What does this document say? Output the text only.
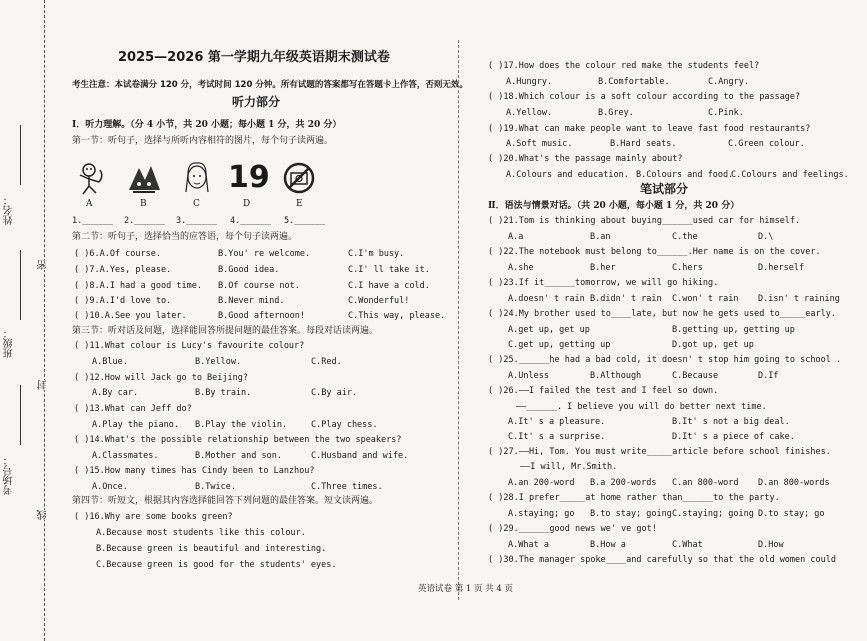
姓名：
班级：
考场号：
密
封
线
2025—2026 第一学期九年级英语期末测试卷
考生注意：本试卷满分 120 分，考试时间 120 分钟。所有试题的答案都写在答题卡上作答，否则无效。
听力部分
Ⅰ．听力理解。（分 4 小节，共 20 小题；每小题 1 分，共 20 分）
第一节：听句子，选择与所听内容相符的图片，每个句子读两遍。
19
A	B	C	D	E
1.______ 2.______ 3.______ 4.______ 5.______
第二节：听句子，选择恰当的应答语，每个句子读两遍。
( )6.A.Of course.	B.You' re welcome.	C.I'm busy.
( )7.A.Yes, please.	B.Good idea.	C.I' ll take it.
( )8.A.I had a good time. B.Of course not.	C.I have a cold.
( )9.A.I'd love to.	B.Never mind.	C.Wonderful!
( )10.A.See you later.	B.Good afternoon!	C.This way, please.
第三节：听对话及问题，选择能回答所提问题的最佳答案。每段对话读两遍。
( )11.What colour is Lucy's favourite colour?
A.Blue.	B.Yellow.	C.Red.
( )12.How will Jack go to Beijing?
A.By car.	B.By train.	C.By air.
( )13.What can Jeff do?
A.Play the piano. B.Play the violin.	C.Play chess.
( )14.What's the possible relationship between the two speakers?
A.Classmates.	B.Mother and son.	C.Husband and wife.
( )15.How many times has Cindy been to Lanzhou?
A.Once.	B.Twice.	C.Three times.
第四节：听短文，根据其内容选择能回答下列问题的最佳答案。短文读两遍。
( )16.Why are some books green?
A.Because most students like this colour.
B.Because green is beautiful and interesting.
C.Because green is good for the students' eyes.
( )17.How does the colour red make the students feel?
A.Hungry.	B.Comfortable.	C.Angry.
( )18.Which colour is a soft colour according to the passage?
A.Yellow.	B.Grey.	C.Pink.
( )19.What can make people want to leave fast food restaurants?
A.Soft music.	B.Hard seats.	C.Green colour.
( )20.What's the passage mainly about?
A.Colours and education. B.Colours and food.
C.Colours and feelings.
笔试部分
Ⅱ．语法与情景对话。（共 20 小题，每小题 1 分，共 20 分）
( )21.Tom is thinking about buying______used car for himself.
A.a	B.an	C.the	D.\
( )22.The notebook must belong to______.Her name is on the cover.
A.she	B.her	C.hers	D.herself
( )23.If it______tomorrow, we will go hiking.
A.doesn' t rain B.didn' t rain C.won' t rain D.isn' t raining
( )24.My brother used to____late, but now he gets used to_____early.
A.get up, get up	B.getting up, getting up
C.get up, getting up	D.got up, get up
( )25.______he had a bad cold, it doesn' t stop him going to school .
A.Unless	B.Although	C.Because	D.If
( )26.——I failed the test and I feel so down.
——______. I believe you will do better next time.
A.It' s a pleasure.	B.It' s not a big deal.
C.It' s a surprise.	D.It' s a piece of cake.
( )27.——Hi, Tom. You must write_____article before school finishes.
——I will, Mr.Smith.
A.an 200-word B.a 200-words C.an 800-word D.an 800-words
( )28.I prefer_____at home rather than______to the party.
A.staying; go B.to stay; going C.staying; going D.to stay; go
( )29.______good news we' ve got!
A.What a	B.How a	C.What	D.How
( )30.The manager spoke____and carefully so that the old women could
英语试卷 第 1 页 共 4 页
